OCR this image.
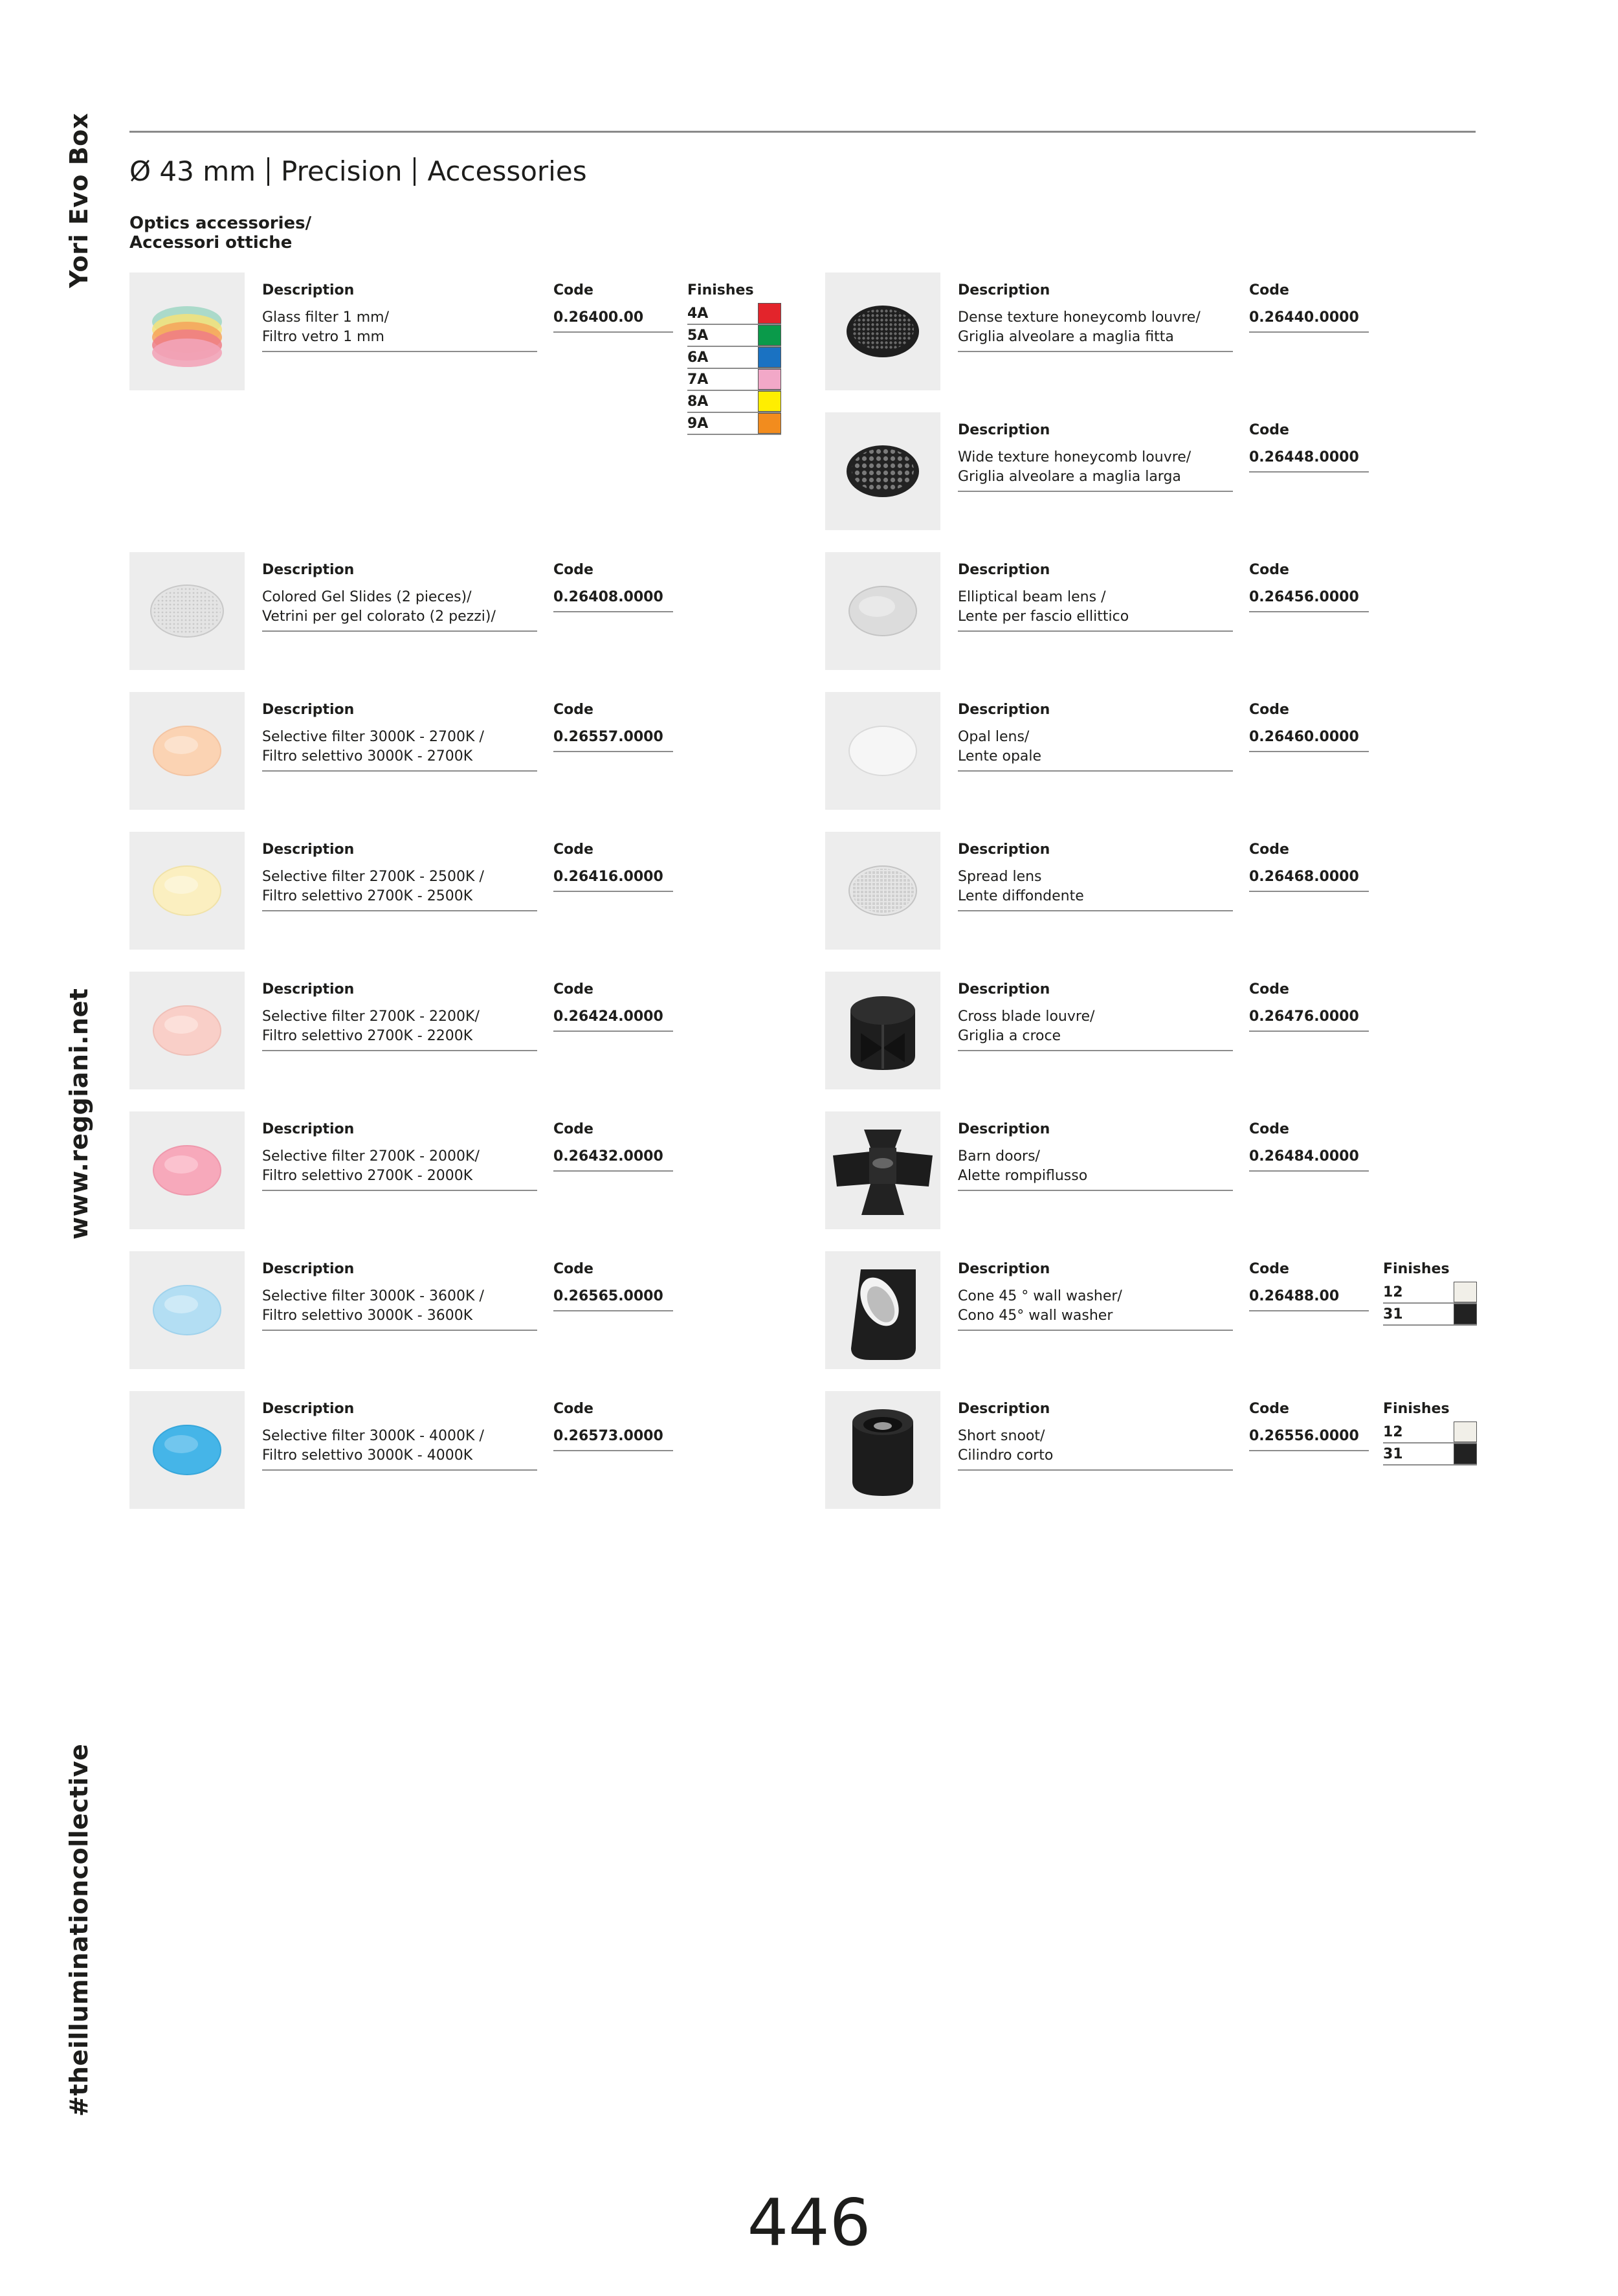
Yori Evo Box
www.reggiani.net
#theilluminationcollective
Ø 43 mm Precision Accessories
Optics accessories/
Accessori ottiche
Description	Code	Finishes
Glass filter 1 mm/
Filtro vetro 1 mm
0.26400.00	4A
5A
6A
7A
8A
9A
Description	Code
Colored Gel Slides (2 pieces)/
Vetrini per gel colorato (2 pezzi)/
0.26408.0000
Description	Code
Selective filter 3000K - 2700K /
Filtro selettivo 3000K - 2700K
0.26557.0000
Description	Code
Selective filter 2700K - 2500K /
Filtro selettivo 2700K - 2500K
0.26416.0000
Description	Code
Selective filter 2700K - 2200K/
Filtro selettivo 2700K - 2200K
0.26424.0000
Description	Code
Selective filter 2700K - 2000K/
Filtro selettivo 2700K - 2000K
0.26432.0000
Description	Code
Selective filter 3000K - 3600K /
Filtro selettivo 3000K - 3600K
0.26565.0000
Description	Code
Selective filter 3000K - 4000K /
Filtro selettivo 3000K - 4000K
0.26573.0000
Description	Code
Dense texture honeycomb louvre/
Griglia alveolare a maglia fitta
0.26440.0000
Description	Code
Wide texture honeycomb louvre/
Griglia alveolare a maglia larga
0.26448.0000
Description	Code
Elliptical beam lens /
Lente per fascio ellittico
0.26456.0000
Description	Code
Opal lens/
Lente opale
0.26460.0000
Description	Code
Spread lens
Lente diffondente
0.26468.0000
Description	Code
Cross blade louvre/
Griglia a croce
0.26476.0000
Description	Code
Barn doors/
Alette rompiflusso
0.26484.0000
Description	Code	Finishes
Cone 45 ° wall washer/
Cono 45° wall washer
0.26488.00	12
31
Description	Code	Finishes
Short snoot/
Cilindro corto
0.26556.0000	12
31
446
